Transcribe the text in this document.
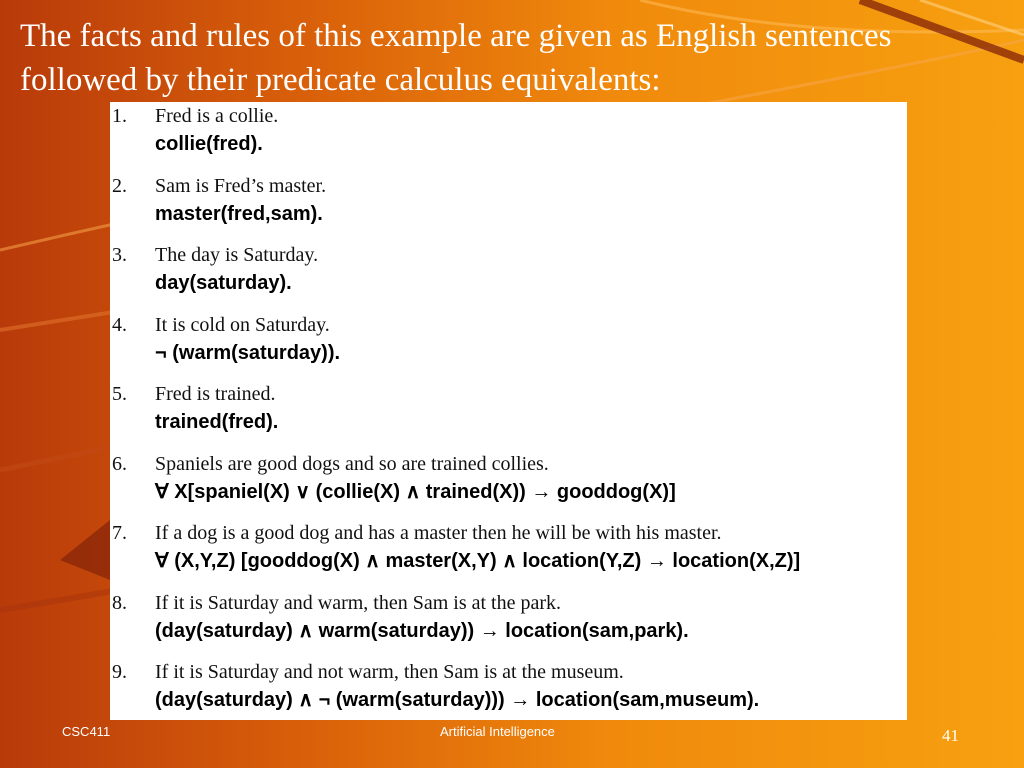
The facts and rules of this example are given as English sentences followed by their predicate calculus equivalents:
1.	Fred is a collie.
collie(fred).
2.	Sam is Fred’s master.
master(fred,sam).
3.	The day is Saturday.
day(saturday).
4.	It is cold on Saturday.
¬ (warm(saturday)).
5.	Fred is trained.
trained(fred).
6.	Spaniels are good dogs and so are trained collies.
∀ X[spaniel(X) ∨ (collie(X) ∧ trained(X)) → gooddog(X)]
7.	If a dog is a good dog and has a master then he will be with his master.
∀ (X,Y,Z) [gooddog(X) ∧ master(X,Y) ∧ location(Y,Z) → location(X,Z)]
8.	If it is Saturday and warm, then Sam is at the park.
(day(saturday) ∧ warm(saturday)) → location(sam,park).
9.	If it is Saturday and not warm, then Sam is at the museum.
(day(saturday) ∧ ¬ (warm(saturday))) → location(sam,museum).
CSC411	Artificial Intelligence	41
